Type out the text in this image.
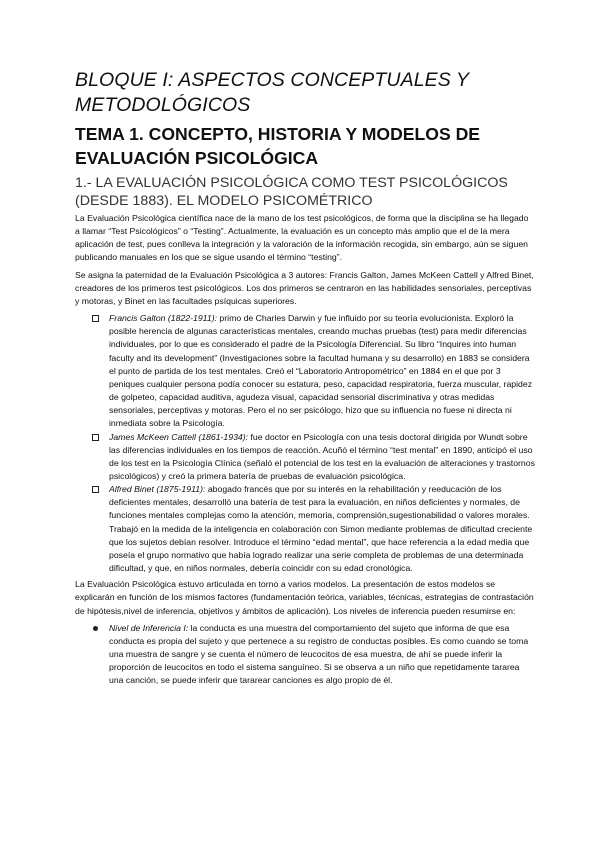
BLOQUE I: ASPECTOS CONCEPTUALES Y METODOLÓGICOS
TEMA 1. CONCEPTO, HISTORIA Y MODELOS DE EVALUACIÓN PSICOLÓGICA
1.- LA EVALUACIÓN PSICOLÓGICA COMO TEST PSICOLÓGICOS (DESDE 1883). EL MODELO PSICOMÉTRICO

La Evaluación Psicológica científica nace de la mano de los test psicológicos, de forma que la disciplina se ha llegado a llamar “Test Psicológicos” o “Testing”. Actualmente, la evaluación es un concepto más amplio que el de la mera aplicación de test, pues conlleva la integración y la valoración de la información recogida, sin embargo, aún se siguen publicando manuales en los que se sigue usando el término “testing”.

Se asigna la paternidad de la Evaluación Psicológica a 3 autores: Francis Galton, James McKeen Cattell y Alfred Binet, creadores de los primeros test psicológicos. Los dos primeros se centraron en las habilidades sensoriales, perceptivas y motoras, y Binet en las facultades psíquicas superiores.

Francis Galton (1822-1911): primo de Charles Darwin y fue influido por su teoría evolucionista. Exploró la posible herencia de algunas características mentales, creando muchas pruebas (test) para medir diferencias individuales, por lo que es considerado el padre de la Psicología Diferencial. Su libro “Inquires into human faculty and its development” (Investigaciones sobre la facultad humana y su desarrollo) en 1883 se considera el punto de partida de los test mentales. Creó el “Laboratorio Antropométrico” en 1884 en el que por 3 peniques cualquier persona podía conocer su estatura, peso, capacidad respiratoria, fuerza muscular, rapidez de golpeteo, capacidad auditiva, agudeza visual, capacidad sensorial discriminativa y otras medidas sensoriales, perceptivas y motoras. Pero el no ser psicólogo, hizo que su influencia no fuese ni directa ni inmediata sobre la Psicología.
James McKeen Cattell (1861-1934): fue doctor en Psicología con una tesis doctoral dirigida por Wundt sobre las diferencias individuales en los tiempos de reacción. Acuñó el término “test mental” en 1890, anticipó el uso de los test en la Psicología Clínica (señaló el potencial de los test en la evaluación de alteraciones y trastornos psicológicos) y creó la primera batería de pruebas de evaluación psicológica.
Alfred Binet (1875-1911): abogado francés que por su interés en la rehabilitación y reeducación de los deficientes mentales, desarrolló una batería de test para la evaluación, en niños deficientes y normales, de funciones mentales complejas como la atención, memoria, comprensión,sugestionabilidad o valores morales. Trabajó en la medida de la inteligencia en colaboración con Simon mediante problemas de dificultad creciente que los sujetos debían resolver. Introduce el término “edad mental”, que hace referencia a la edad media que poseía el grupo normativo que había logrado realizar una serie completa de problemas de una determinada dificultad, y que, en niños normales, debería coincidir con su edad cronológica.

La Evaluación Psicológica estuvo articulada en torno a varios modelos. La presentación de estos modelos se explicarán en función de los mismos factores (fundamentación teórica, variables, técnicas, estrategias de contrastación de hipótesis,nivel de inferencia, objetivos y ámbitos de aplicación). Los niveles de inferencia pueden resumirse en:

Nivel de Inferencia I: la conducta es una muestra del comportamiento del sujeto que informa de que esa conducta es propia del sujeto y que pertenece a su registro de conductas posibles. Es como cuando se toma una muestra de sangre y se cuenta el número de leucocitos de esa muestra, de ahí se puede inferir la proporción de leucocitos en todo el sistema sanguíneo. Si se observa a un niño que repetidamente tararea una canción, se puede inferir que tararear canciones es algo propio de él.
